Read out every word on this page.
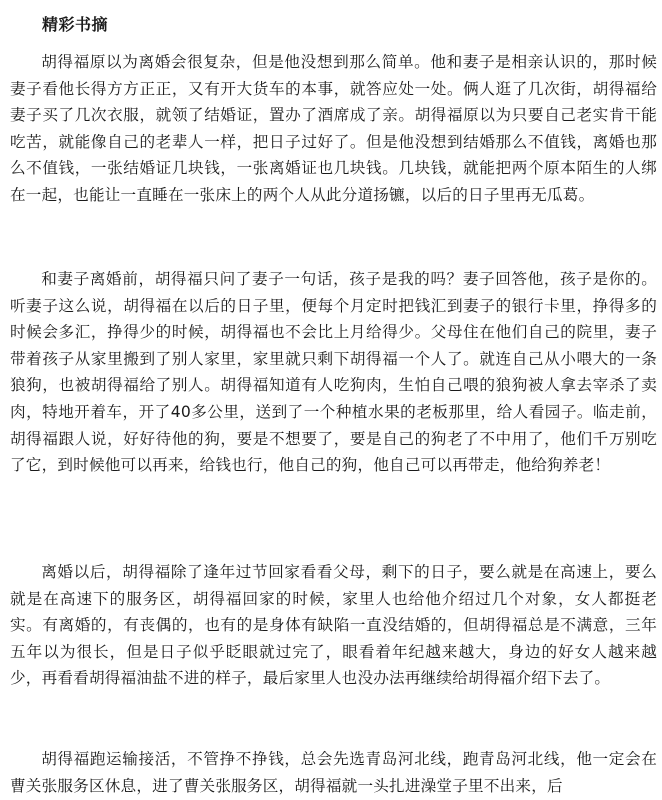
精彩书摘

胡得福原以为离婚会很复杂，但是他没想到那么简单。他和妻子是相亲认识的，那时候妻子看他长得方方正正，又有开大货车的本事，就答应处一处。俩人逛了几次街，胡得福给妻子买了几次衣服，就领了结婚证，置办了酒席成了亲。胡得福原以为只要自己老实肯干能吃苦，就能像自己的老辈人一样，把日子过好了。但是他没想到结婚那么不值钱，离婚也那么不值钱，一张结婚证几块钱，一张离婚证也几块钱。几块钱，就能把两个原本陌生的人绑在一起，也能让一直睡在一张床上的两个人从此分道扬镳，以后的日子里再无瓜葛。

和妻子离婚前，胡得福只问了妻子一句话，孩子是我的吗？妻子回答他，孩子是你的。听妻子这么说，胡得福在以后的日子里，便每个月定时把钱汇到妻子的银行卡里，挣得多的时候会多汇，挣得少的时候，胡得福也不会比上月给得少。父母住在他们自己的院里，妻子带着孩子从家里搬到了别人家里，家里就只剩下胡得福一个人了。就连自己从小喂大的一条狼狗，也被胡得福给了别人。胡得福知道有人吃狗肉，生怕自己喂的狼狗被人拿去宰杀了卖肉，特地开着车，开了40多公里，送到了一个种植水果的老板那里，给人看园子。临走前，胡得福跟人说，好好待他的狗，要是不想要了，要是自己的狗老了不中用了，他们千万别吃了它，到时候他可以再来，给钱也行，他自己的狗，他自己可以再带走，他给狗养老！

离婚以后，胡得福除了逢年过节回家看看父母，剩下的日子，要么就是在高速上，要么就是在高速下的服务区，胡得福回家的时候，家里人也给他介绍过几个对象，女人都挺老实。有离婚的，有丧偶的，也有的是身体有缺陷一直没结婚的，但胡得福总是不满意，三年五年以为很长，但是日子似乎眨眼就过完了，眼看着年纪越来越大，身边的好女人越来越少，再看看胡得福油盐不进的样子，最后家里人也没办法再继续给胡得福介绍下去了。

胡得福跑运输接活，不管挣不挣钱，总会先选青岛河北线，跑青岛河北线，他一定会在曹关张服务区休息，进了曹关张服务区，胡得福就一头扎进澡堂子里不出来，后
